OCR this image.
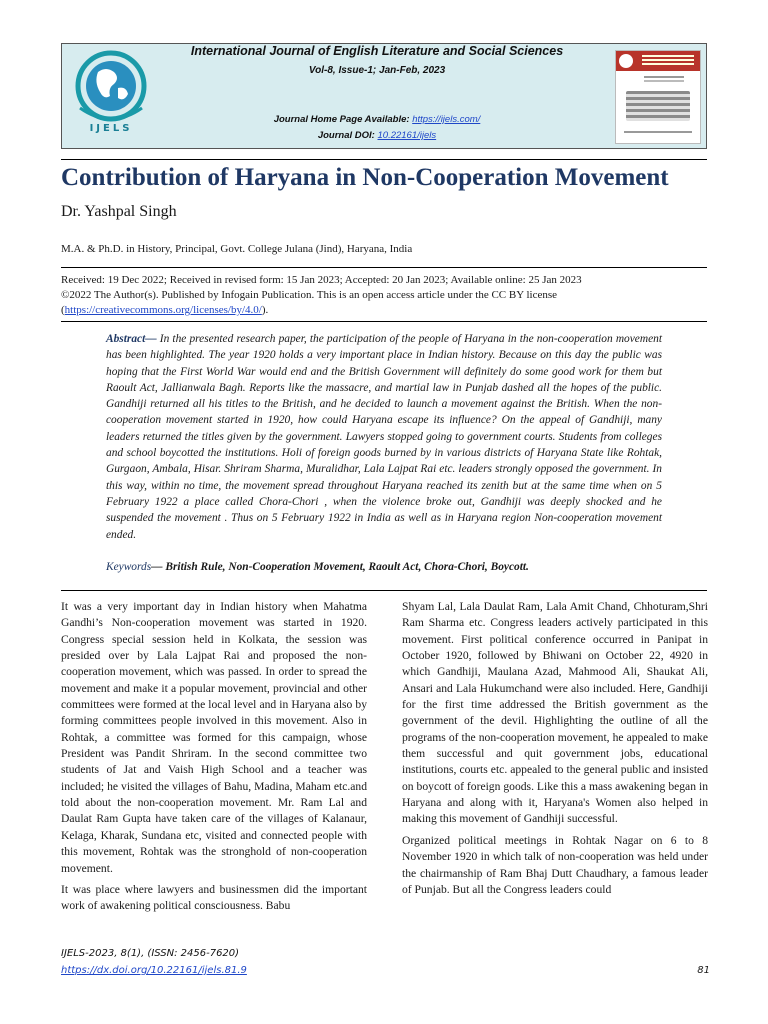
IJELS
International Journal of English Literature and Social Sciences
Vol-8, Issue-1; Jan-Feb, 2023
Journal Home Page Available: https://ijels.com/
Journal DOI: 10.22161/ijels
Contribution of Haryana in Non-Cooperation Movement
Dr. Yashpal Singh
M.A. & Ph.D. in History, Principal, Govt. College Julana (Jind), Haryana, India
Received: 19 Dec 2022; Received in revised form: 15 Jan 2023; Accepted: 20 Jan 2023; Available online: 25 Jan 2023
©2022 The Author(s). Published by Infogain Publication. This is an open access article under the CC BY license
(https://creativecommons.org/licenses/by/4.0/).

Abstract— In the presented research paper, the participation of the people of Haryana in the non-cooperation movement has been highlighted. The year 1920 holds a very important place in Indian history. Because on this day the public was hoping that the First World War would end and the British Government will definitely do some good work for them but Raoult Act, Jallianwala Bagh. Reports like the massacre, and martial law in Punjab dashed all the hopes of the public. Gandhiji returned all his titles to the British, and he decided to launch a movement against the British. When the non-cooperation movement started in 1920, how could Haryana escape its influence? On the appeal of Gandhiji, many leaders returned the titles given by the government. Lawyers stopped going to government courts. Students from colleges and school boycotted the institutions. Holi of foreign goods burned by in various districts of Haryana State like Rohtak, Gurgaon, Ambala, Hisar. Shriram Sharma, Muralidhar, Lala Lajpat Rai etc. leaders strongly opposed the government. In this way, within no time, the movement spread throughout Haryana reached its zenith but at the same time when on 5 February 1922 a place called Chora-Chori , when the violence broke out, Gandhiji was deeply shocked and he suspended the movement . Thus on 5 February 1922 in India as well as in Haryana region Non-cooperation movement ended.

Keywords— British Rule, Non-Cooperation Movement, Raoult Act, Chora-Chori, Boycott.

It was a very important day in Indian history when Mahatma Gandhi’s Non-cooperation movement was started in 1920. Congress special session held in Kolkata, the session was presided over by Lala Lajpat Rai and proposed the non-cooperation movement, which was passed. In order to spread the movement and make it a popular movement, provincial and other committees were formed at the local level and in Haryana also by forming committees people involved in this movement. Also in Rohtak, a committee was formed for this campaign, whose President was Pandit Shriram. In the second committee two students of Jat and Vaish High School and a teacher was included; he visited the villages of Bahu, Madina, Maham etc.and told about the non-cooperation movement. Mr. Ram Lal and Daulat Ram Gupta have taken care of the villages of Kalanaur, Kelaga, Kharak, Sundana etc, visited and connected people with this movement, Rohtak was the stronghold of non-cooperation movement.

It was place where lawyers and businessmen did the important work of awakening political consciousness. Babu

Shyam Lal, Lala Daulat Ram, Lala Amit Chand, Chhoturam,Shri Ram Sharma etc. Congress leaders actively participated in this movement. First political conference occurred in Panipat in October 1920, followed by Bhiwani on October 22, 4920 in which Gandhiji, Maulana Azad, Mahmood Ali, Shaukat Ali, Ansari and Lala Hukumchand were also included. Here, Gandhiji for the first time addressed the British government as the government of the devil. Highlighting the outline of all the programs of the non-cooperation movement, he appealed to make them successful and quit government jobs, educational institutions, courts etc. appealed to the general public and insisted on boycott of foreign goods. Like this a mass awakening began in Haryana and along with it, Haryana's Women also helped in making this movement of Gandhiji successful.

Organized political meetings in Rohtak Nagar on 6 to 8 November 1920 in which talk of non-cooperation was held under the chairmanship of Ram Bhaj Dutt Chaudhary, a famous leader of Punjab. But all the Congress leaders could

IJELS-2023, 8(1), (ISSN: 2456-7620)
https://dx.doi.org/10.22161/ijels.81.9	81
